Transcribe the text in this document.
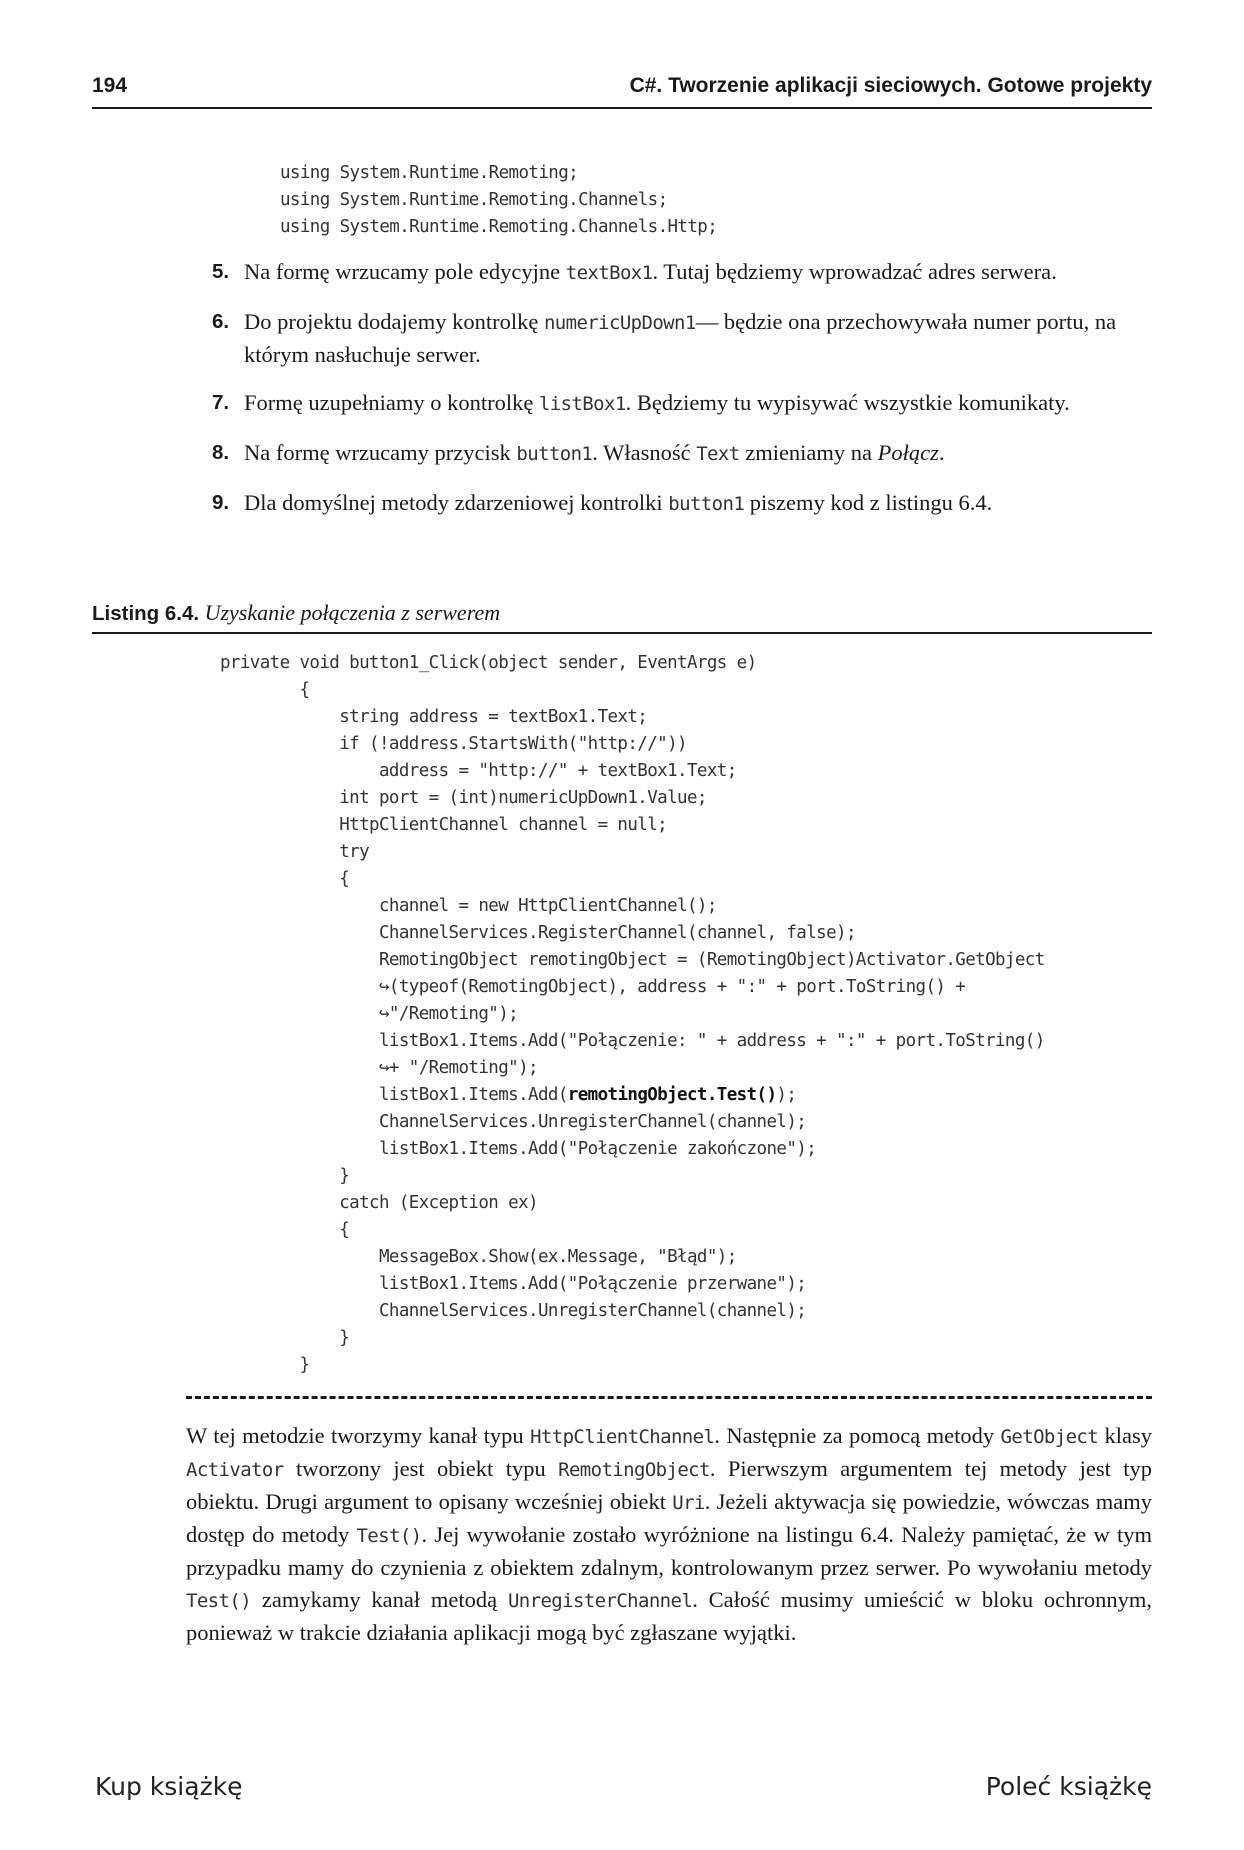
194	C#. Tworzenie aplikacji sieciowych. Gotowe projekty
using System.Runtime.Remoting;
using System.Runtime.Remoting.Channels;
using System.Runtime.Remoting.Channels.Http;
5. Na formę wrzucamy pole edycyjne textBox1. Tutaj będziemy wprowadzać adres serwera.
6. Do projektu dodajemy kontrolkę numericUpDown1— będzie ona przechowywała numer portu, na którym nasłuchuje serwer.
7. Formę uzupełniamy o kontrolkę listBox1. Będziemy tu wypisywać wszystkie komunikaty.
8. Na formę wrzucamy przycisk button1. Własność Text zmieniamy na Połącz.
9. Dla domyślnej metody zdarzeniowej kontrolki button1 piszemy kod z listingu 6.4.
Listing 6.4. Uzyskanie połączenia z serwerem
private void button1_Click(object sender, EventArgs e)
{
string address = textBox1.Text;
if (!address.StartsWith("http://"))
address = "http://" + textBox1.Text;
int port = (int)numericUpDown1.Value;
HttpClientChannel channel = null;
try
{
channel = new HttpClientChannel();
ChannelServices.RegisterChannel(channel, false);
RemotingObject remotingObject = (RemotingObject)Activator.GetObject
↪(typeof(RemotingObject), address + ":" + port.ToString() +
↪"/Remoting");
listBox1.Items.Add("Połączenie: " + address + ":" + port.ToString()
↪+ "/Remoting");
listBox1.Items.Add(remotingObject.Test());
ChannelServices.UnregisterChannel(channel);
listBox1.Items.Add("Połączenie zakończone");
}
catch (Exception ex)
{
MessageBox.Show(ex.Message, "Błąd");
listBox1.Items.Add("Połączenie przerwane");
ChannelServices.UnregisterChannel(channel);
}
}
W tej metodzie tworzymy kanał typu HttpClientChannel. Następnie za pomocą metody GetObject klasy Activator tworzony jest obiekt typu RemotingObject. Pierwszym argumentem tej metody jest typ obiektu. Drugi argument to opisany wcześniej obiekt Uri. Jeżeli aktywacja się powiedzie, wówczas mamy dostęp do metody Test(). Jej wywołanie zostało wyróżnione na listingu 6.4. Należy pamiętać, że w tym przypadku mamy do czynienia z obiektem zdalnym, kontrolowanym przez serwer. Po wywołaniu metody Test() zamykamy kanał metodą UnregisterChannel. Całość musimy umieścić w bloku ochronnym, ponieważ w trakcie działania aplikacji mogą być zgłaszane wyjątki.
Kup książkę	Poleć książkę
